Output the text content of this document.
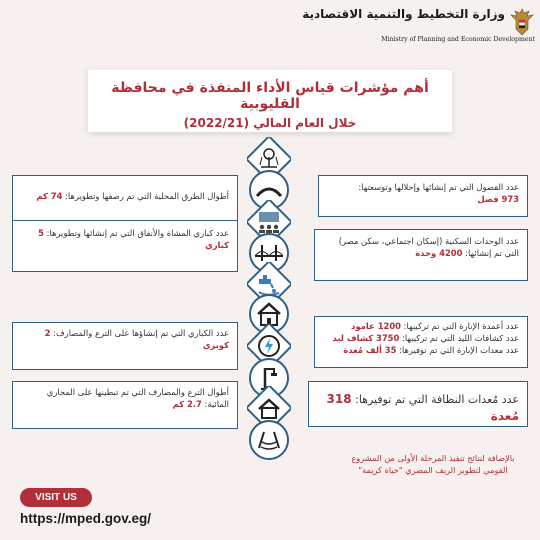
وزارة التخطيط والتنمية الاقتصادية
Ministry of Planning and Economic Development
أهم مؤشرات قياس الأداء المنفذة في محافظة القليوبية
خلال العام المالي (2022/21)
أطوال الطرق المحلية التي تم رصفها وتطويرها: 74 كم
عدد الفصول التي تم إنشائها وإحلالها وتوسعتها:
973 فصل
عدد كباري المشاة والأنفاق التي تم إنشائها وتطويرها: 5 كباري	عدد الوحدات السكنية (إسكان اجتماعي، سكن مصر) التي تم إنشائها: 4200 وحدة
عدد الكباري التي تم إنشاؤها على الترع والمصارف: 2 كوبري
عدد أعمدة الإنارة التي تم تركيبها: 1200 عامود
عدد كشافات الليد التي تم تركيبها: 3750 كشاف ليد
عدد معدات الإنارة التي تم توفيرها: 35 ألف مُعدة
أطوال الترع والمصارف التي تم تبطينها على المجاري المائية: 2.7 كم	عدد مُعدات النظافة التي تم توفيرها: 318 مُعدة
بالإضافة لنتائج تنفيذ المرحلة الأولى من المشروع القومي لتطوير الريف المصري "حياة كريمة"
VISIT US
https://mped.gov.eg/
